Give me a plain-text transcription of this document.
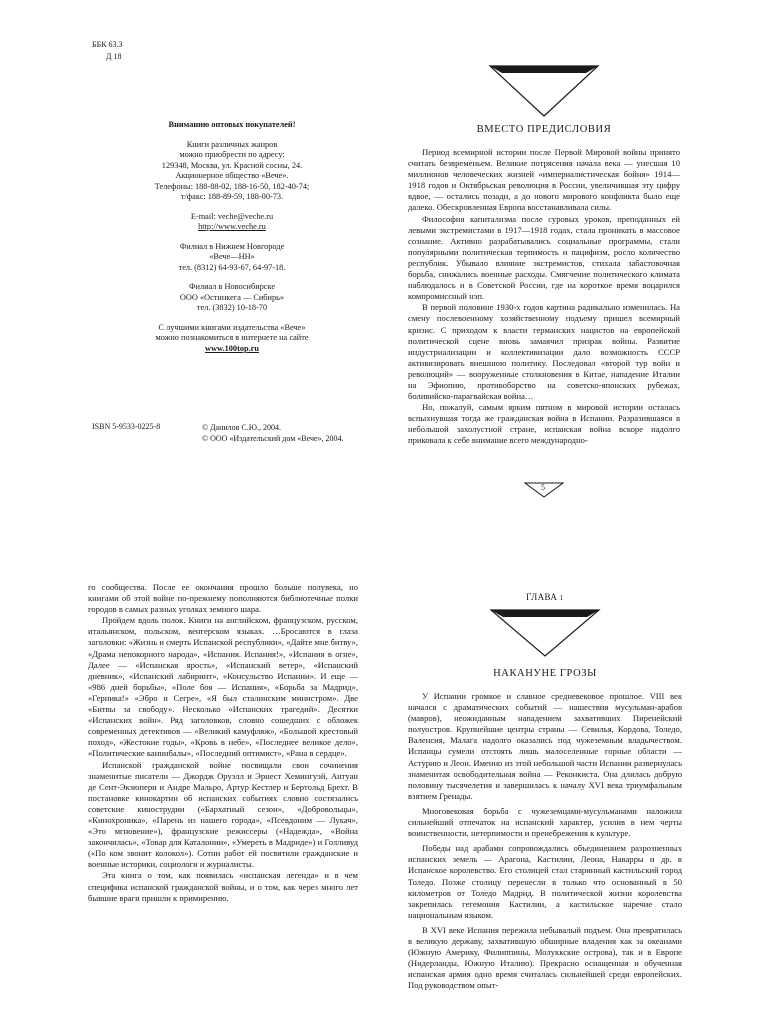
ББК 63.3
Д 18

Вниманию оптовых покупателей!

Книги различных жанров

можно приобрести по адресу:

129348, Москва, ул. Красной сосны, 24.

Акционерное общество «Вече».

Телефоны: 188-88-02, 188-16-50, 182-40-74;

т/факс: 188-89-59, 188-00-73.

E-mail: veche@veche.ru

http://www.veche.ru

Филиал в Нижнем Новгороде

«Вече—НН»

тел. (8312) 64-93-67, 64-97-18.

Филиал в Новосибирске

ООО «Остинкега — Сибирь»

тел. (3832) 10-18-70

С лучшими книгами издательства «Вече»

можно познакомиться в интернете на сайте

www.100top.ru

ISBN 5-9533-0225-8	© Данилов С.Ю., 2004.
© ООО «Издательский дом «Вече», 2004.

ВМЕСТО ПРЕДИСЛОВИЯ

Период всемирной истории после Первой Мировой войны принято считать безвременьем. Великие потрясения начала века — унесшая 10 миллионов человеческих жизней «империалистическая бойня» 1914—1918 годов и Октябрьская революция в России, увеличившая эту цифру вдвое, — остались позади, а до нового мирового конфликта было еще далеко. Обескровленная Европа восстанавливала силы.

Философия капитализма после суровых уроков, преподанных ей левыми экстремистами в 1917—1918 годах, стала проникать в массовое сознание. Активно разрабатывались социальные программы, стали популярными политическая терпимость и пацифизм, росло количество республик. Убывало влияние экстремистов, стихала забастовочная борьба, снижались военные расходы. Смягчение политического климата наблюдалось и в Советской России, где на короткое время воцарился компромиссный нэп.

В первой половине 1930-х годов картина радикально изменилась. На смену послевоенному хозяйственному подъему пришел всемирный кризис. С приходом к власти германских нацистов на европейской политической сцене вновь замаячил призрак войны. Развитие индустриализации и коллективизации дало возможность СССР активизировать внешнюю политику. Последовал «второй тур войн и революций» — вооруженные столкновения в Китае, нападение Италии на Эфиопию, противоборство на советско-японских рубежах, боливийско-парагвайская война…

Но, пожалуй, самым ярким пятном в мировой истории осталась вспыхнувшая тогда же гражданская война в Испании. Разразившаяся в небольшой захолустной стране, испанская война вскоре надолго приковала к себе внимание всего международно-

5

го сообщества. После ее окончания прошло больше полувека, но книгами об этой войне по-прежнему пополняются библиотечные полки городов в самых разных уголках земного шара.

Пройдем вдоль полок. Книги на английском, французском, русском, итальянском, польском, венгерском языках. …Бросаются в глаза заголовки: «Жизнь и смерть Испанской республики», «Дайте мне битву», «Драма непокорного народа», «Испания. Испания!», «Испания в огне», Далее — «Испанская ярость», «Испанский ветер», «Испанский дневник», «Испанский лабиринт», «Консульство Испании». И еще — «986 дней борьбы», «Поле боя — Испания», «Борьба за Мадрид», «Герника!» «Эбро и Сегре», «Я был сталинским министром». Две «Битвы за свободу». Несколько «Испанских трагедий». Десятки «Испанских войн». Ряд заголовков, словно сошедших с обложек современных детективов — «Великий камуфляж», «Большой крестовый поход», «Жестокие годы», «Кровь в небе», «Последнее великое дело», «Политические каннибалы», «Последний оптимист», «Рана в сердце».

Испанской гражданской войне посвящали свои сочинения знаменитые писатели — Джордж Оруэлл и Эрнест Хемингуэй, Антуан де Сент-Экзюпери и Андре Мальро, Артур Кестлер и Бертольд Брехт. В постановке кинокартин об испанских событиях словно состязались советские кинострудии («Бархатный сезон», «Добровольцы», «Кинохроника», «Парень из нашего города», «Псевдоним — Лукач», «Это мгновение»), французские режиссеры («Надежда», «Война закончилась», «Товар для Каталонии», «Умереть в Мадриде») и Голливуд («По ком звонит колокол»). Сотни работ ей посвятили гражданские и военные историки, социологи и журналисты.

Эта книга о том, как появилась «испанская легенда» и в чем специфика испанской гражданской войны, и о том, как через много лет бывшие враги пришли к примирению.

ГЛАВА 1

НАКАНУНЕ ГРОЗЫ

У Испании громкое и славное средневековое прошлое. VIII век начался с драматических событий — нашествия мусульман-арабов (мавров), неожиданным нападением захвативших Пиренейский полуостров. Крупнейшие центры страны — Севилья, Кордова, Толедо, Валенсия, Малага надолго оказались под чужеземным владычеством. Испанцы сумели отстоять лишь малоселенные горные области — Астурию и Леон. Именно из этой небольшой части Испании развернулась знаменитая освободительная война — Реконкиста. Она длилась добрую половину тысячелетия и завершилась к началу XVI века триумфальным взятием Гренады.

Многовековая борьба с чужеземцами-мусульманами наложила сильнейший отпечаток на испанский характер, усилив в нем черты воинственности, нетерпимости и пренебрежения к культуре.

Победы над арабами сопровождались объединением разрозненных испанских земель — Арагона, Кастилии, Леона, Наварры и др. в Испанское королевство. Его столицей стал старинный кастильский город Толедо. Позже столицу перенесли в только что основанный в 50 километров от Толедо Мадрид. В политической жизни королевства закрепилась гегемония Кастилии, а кастильское наречие стало национальным языком.

В XVI веке Испания пережила небывалый подъем. Она превратилась в великую державу, захватившую обширные владения как за океанами (Южную Америку, Филиппины, Молуккские острова), так и в Европе (Нидерланды, Южную Италию). Прекрасно оснащенная и обученная испанская армия одно время считалась сильнейшей среди европейских. Под руководством опыт-
